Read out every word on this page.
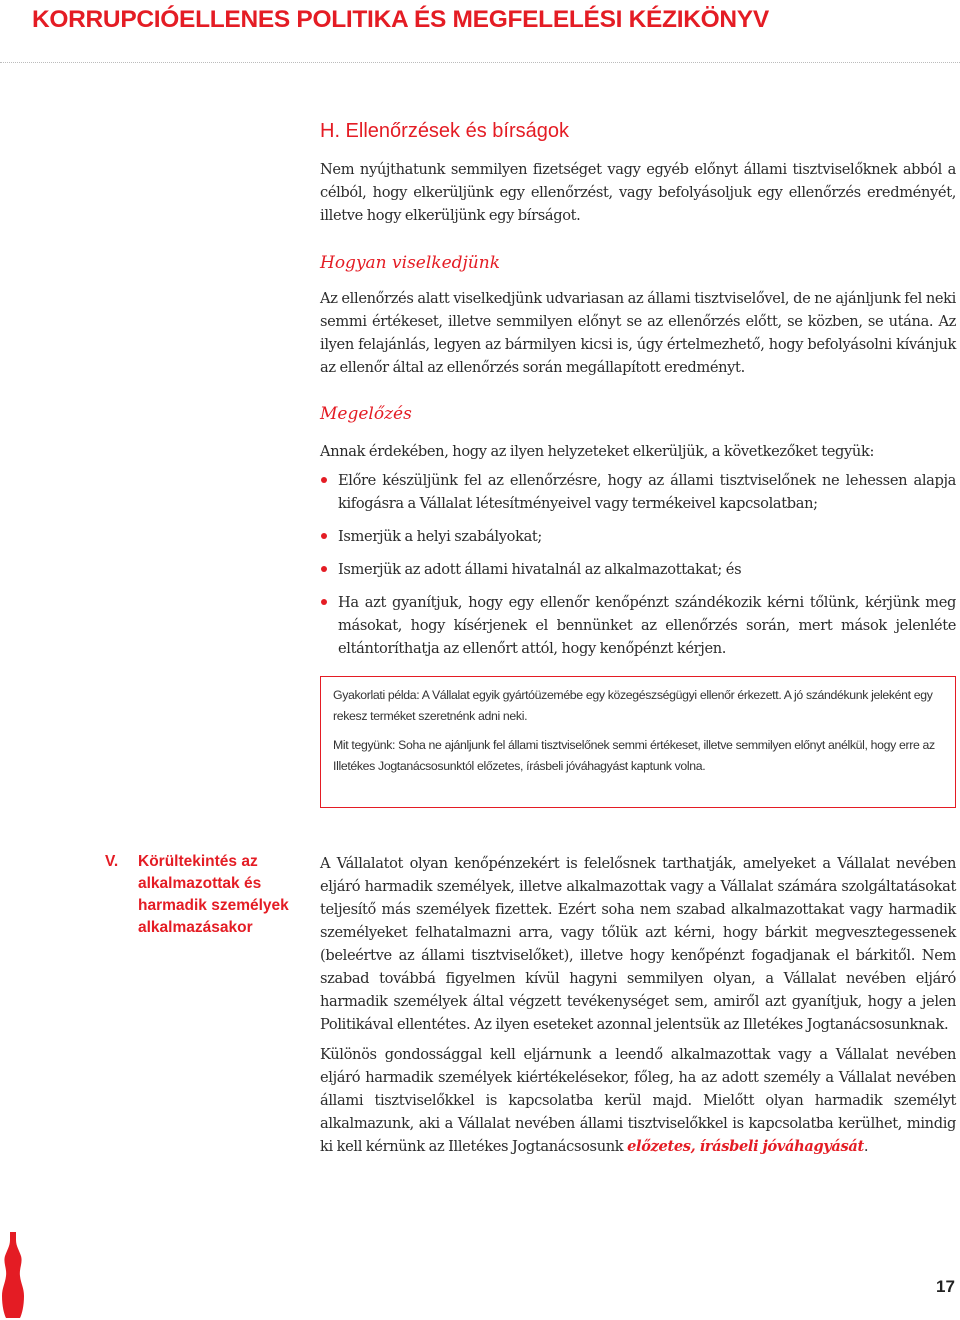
KORRUPCIÓELLENES POLITIKA ÉS MEGFELELÉSI KÉZIKÖNYV
H. Ellenőrzések és bírságok

Nem nyújthatunk semmilyen fizetséget vagy egyéb előnyt állami tisztviselőknek abból a célból, hogy elkerüljünk egy ellenőrzést, vagy befolyásoljuk egy ellenőrzés eredményét, illetve hogy elkerüljünk egy bírságot.

Hogyan viselkedjünk

Az ellenőrzés alatt viselkedjünk udvariasan az állami tisztviselővel, de ne ajánljunk fel neki semmi értékeset, illetve semmilyen előnyt se az ellenőrzés előtt, se közben, se utána. Az ilyen felajánlás, legyen az bármilyen kicsi is, úgy értelmezhető, hogy befolyásolni kívánjuk az ellenőr által az ellenőrzés során megállapított eredményt.

Megelőzés

Annak érdekében, hogy az ilyen helyzeteket elkerüljük, a következőket tegyük:

Előre készüljünk fel az ellenőrzésre, hogy az állami tisztviselőnek ne lehessen alapja kifogásra a Vállalat létesítményeivel vagy termékeivel kapcsolatban;
Ismerjük a helyi szabályokat;
Ismerjük az adott állami hivatalnál az alkalmazottakat; és
Ha azt gyanítjuk, hogy egy ellenőr kenőpénzt szándékozik kérni tőlünk, kérjünk meg másokat, hogy kísérjenek el bennünket az ellenőrzés során, mert mások jelenléte eltántoríthatja az ellenőrt attól, hogy kenőpénzt kérjen.

Gyakorlati példa: A Vállalat egyik gyártóüzemébe egy közegészségügyi ellenőr érkezett. A jó szándékunk jeleként egy rekesz terméket szeretnénk adni neki.

Mit tegyünk: Soha ne ajánljunk fel állami tisztviselőnek semmi értékeset, illetve semmilyen előnyt anélkül, hogy erre az Illetékes Jogtanácsosunktól előzetes, írásbeli jóváhagyást kaptunk volna.

V. Körültekintés az alkalmazottak és harmadik személyek alkalmazásakor

A Vállalatot olyan kenőpénzekért is felelősnek tarthatják, amelyeket a Vállalat nevében eljáró harmadik személyek, illetve alkalmazottak vagy a Vállalat számára szolgáltatásokat teljesítő más személyek fizettek. Ezért soha nem szabad alkalmazottakat vagy harmadik személyeket felhatalmazni arra, vagy tőlük azt kérni, hogy bárkit megvesztegessenek (beleértve az állami tisztviselőket), illetve hogy kenőpénzt fogadjanak el bárkitől. Nem szabad továbbá figyelmen kívül hagyni semmilyen olyan, a Vállalat nevében eljáró harmadik személyek által végzett tevékenységet sem, amiről azt gyanítjuk, hogy a jelen Politikával ellentétes. Az ilyen eseteket azonnal jelentsük az Illetékes Jogtanácsosunknak.

Különös gondossággal kell eljárnunk a leendő alkalmazottak vagy a Vállalat nevében eljáró harmadik személyek kiértékelésekor, főleg, ha az adott személy a Vállalat nevében állami tisztviselőkkel is kapcsolatba kerül majd. Mielőtt olyan harmadik személyt alkalmazunk, aki a Vállalat nevében állami tisztviselőkkel is kapcsolatba kerülhet, mindig ki kell kérnünk az Illetékes Jogtanácsosunk előzetes, írásbeli jóváhagyását.

17
